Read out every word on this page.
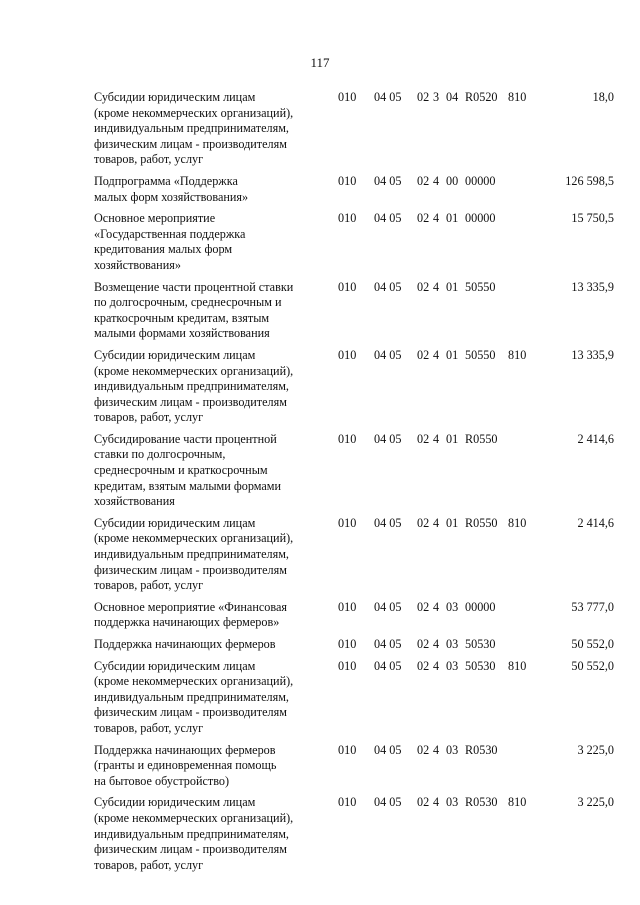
117
Субсидии юридическим лицам
(кроме некоммерческих организаций),
индивидуальным предпринимателям,
физическим лицам - производителям
товаров, работ, услуг
010 04 05 02 3 04 R0520 810	18,0
Подпрограмма «Поддержка
малых форм хозяйствования»
010 04 05 02 4 00 00000	126 598,5
Основное мероприятие
«Государственная поддержка
кредитования малых форм
хозяйствования»
010 04 05 02 4 01 00000	15 750,5
Возмещение части процентной ставки
по долгосрочным, среднесрочным и
краткосрочным кредитам, взятым
малыми формами хозяйствования
010 04 05 02 4 01 50550	13 335,9
Субсидии юридическим лицам
(кроме некоммерческих организаций),
индивидуальным предпринимателям,
физическим лицам - производителям
товаров, работ, услуг
010 04 05 02 4 01 50550 810	13 335,9
Субсидирование части процентной
ставки по долгосрочным,
среднесрочным и краткосрочным
кредитам, взятым малыми формами
хозяйствования
010 04 05 02 4 01 R0550	2 414,6
Субсидии юридическим лицам
(кроме некоммерческих организаций),
индивидуальным предпринимателям,
физическим лицам - производителям
товаров, работ, услуг
010 04 05 02 4 01 R0550 810	2 414,6
Основное мероприятие «Финансовая
поддержка начинающих фермеров»
010 04 05 02 4 03 00000	53 777,0
Поддержка начинающих фермеров	010 04 05 02 4 03 50530	50 552,0
Субсидии юридическим лицам
(кроме некоммерческих организаций),
индивидуальным предпринимателям,
физическим лицам - производителям
товаров, работ, услуг
010 04 05 02 4 03 50530 810	50 552,0
Поддержка начинающих фермеров
(гранты и единовременная помощь
на бытовое обустройство)
010 04 05 02 4 03 R0530	3 225,0
Субсидии юридическим лицам
(кроме некоммерческих организаций),
индивидуальным предпринимателям,
физическим лицам - производителям
товаров, работ, услуг
010 04 05 02 4 03 R0530 810	3 225,0
